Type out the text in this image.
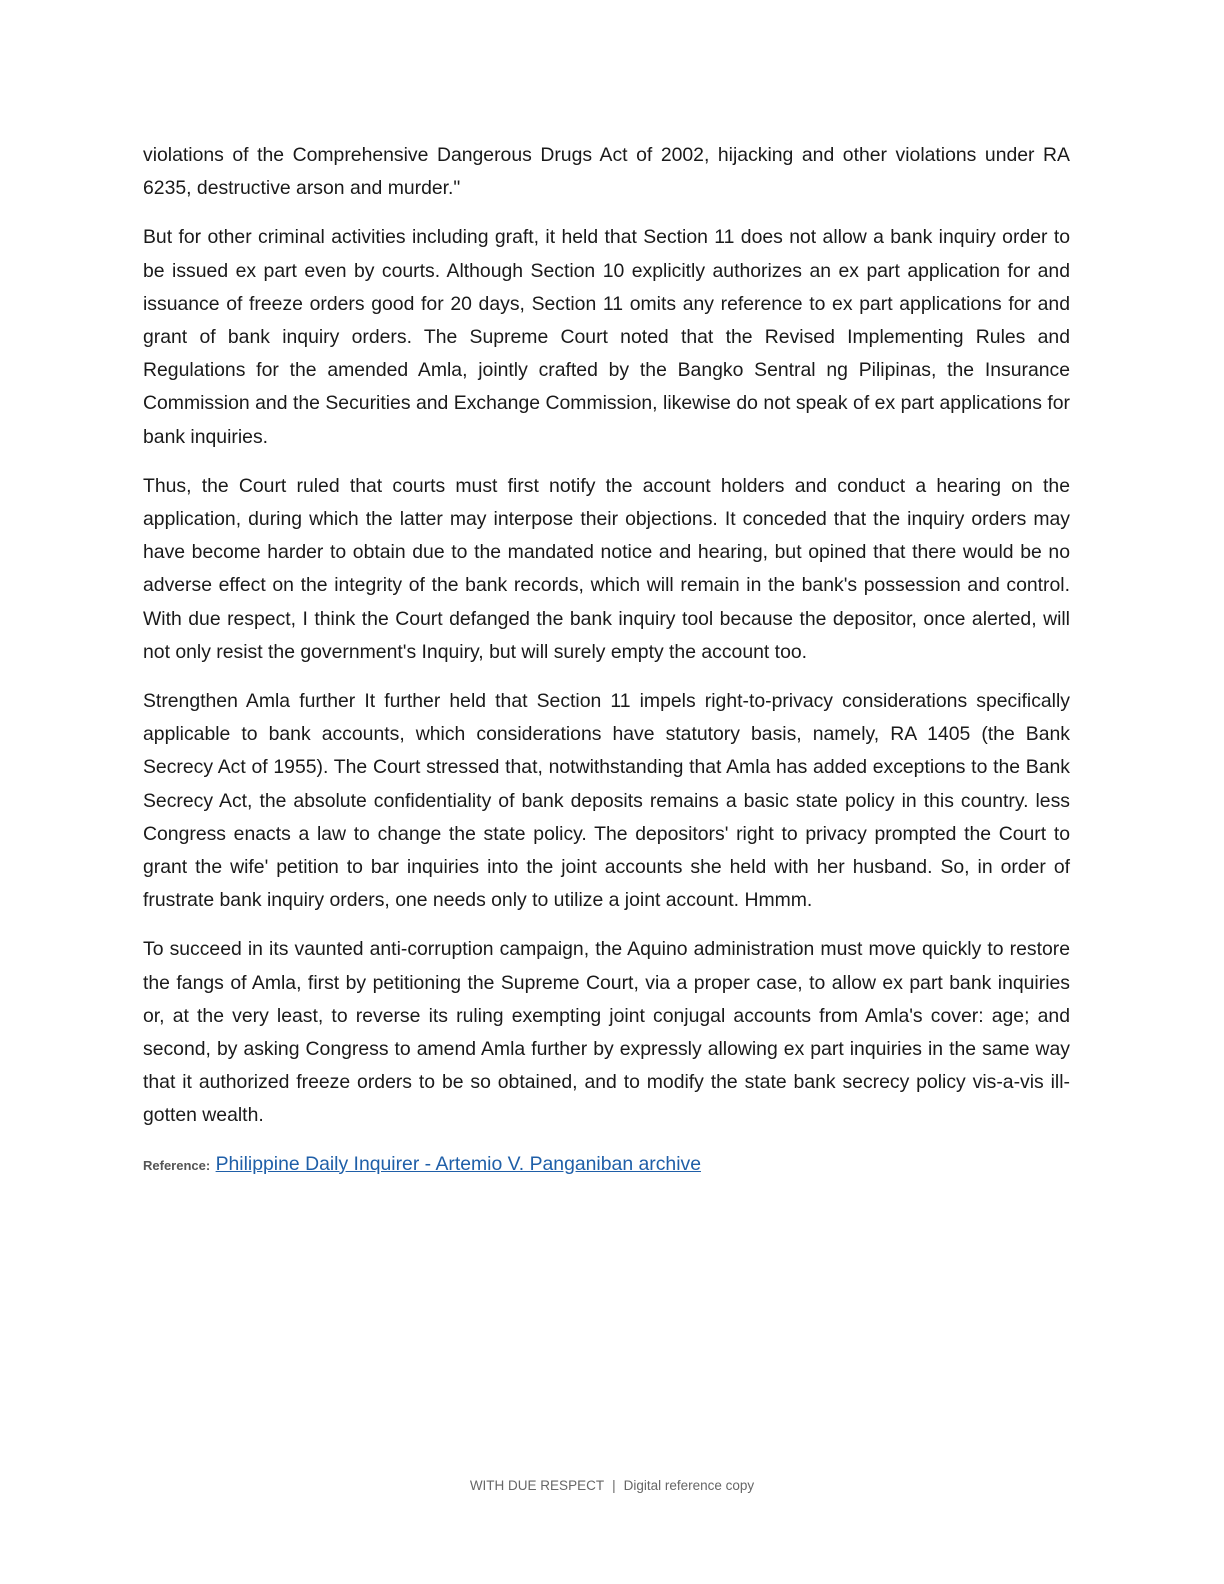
violations of the Comprehensive Dangerous Drugs Act of 2002, hijacking and other violations under RA 6235, destructive arson and murder."

But for other criminal activities including graft, it held that Section 11 does not allow a bank inquiry order to be issued ex part even by courts. Although Section 10 explicitly authorizes an ex part application for and issuance of freeze orders good for 20 days, Section 11 omits any reference to ex part applications for and grant of bank inquiry orders. The Supreme Court noted that the Revised Implementing Rules and Regulations for the amended Amla, jointly crafted by the Bangko Sentral ng Pilipinas, the Insurance Commission and the Securities and Exchange Commission, likewise do not speak of ex part applications for bank inquiries.

Thus, the Court ruled that courts must first notify the account holders and conduct a hearing on the application, during which the latter may interpose their objections. It conceded that the inquiry orders may have become harder to obtain due to the mandated notice and hearing, but opined that there would be no adverse effect on the integrity of the bank records, which will remain in the bank's possession and control. With due respect, I think the Court defanged the bank inquiry tool because the depositor, once alerted, will not only resist the government's Inquiry, but will surely empty the account too.

Strengthen Amla further It further held that Section 11 impels right-to-privacy considerations specifically applicable to bank accounts, which considerations have statutory basis, namely, RA 1405 (the Bank Secrecy Act of 1955). The Court stressed that, notwithstanding that Amla has added exceptions to the Bank Secrecy Act, the absolute confidentiality of bank deposits remains a basic state policy in this country. less Congress enacts a law to change the state policy. The depositors' right to privacy prompted the Court to grant the wife' petition to bar inquiries into the joint accounts she held with her husband. So, in order of frustrate bank inquiry orders, one needs only to utilize a joint account. Hmmm.

To succeed in its vaunted anti-corruption campaign, the Aquino administration must move quickly to restore the fangs of Amla, first by petitioning the Supreme Court, via a proper case, to allow ex part bank inquiries or, at the very least, to reverse its ruling exempting joint conjugal accounts from Amla's cover: age; and second, by asking Congress to amend Amla further by expressly allowing ex part inquiries in the same way that it authorized freeze orders to be so obtained, and to modify the state bank secrecy policy vis-a-vis ill-gotten wealth.

Reference: Philippine Daily Inquirer - Artemio V. Panganiban archive
WITH DUE RESPECT | Digital reference copy
